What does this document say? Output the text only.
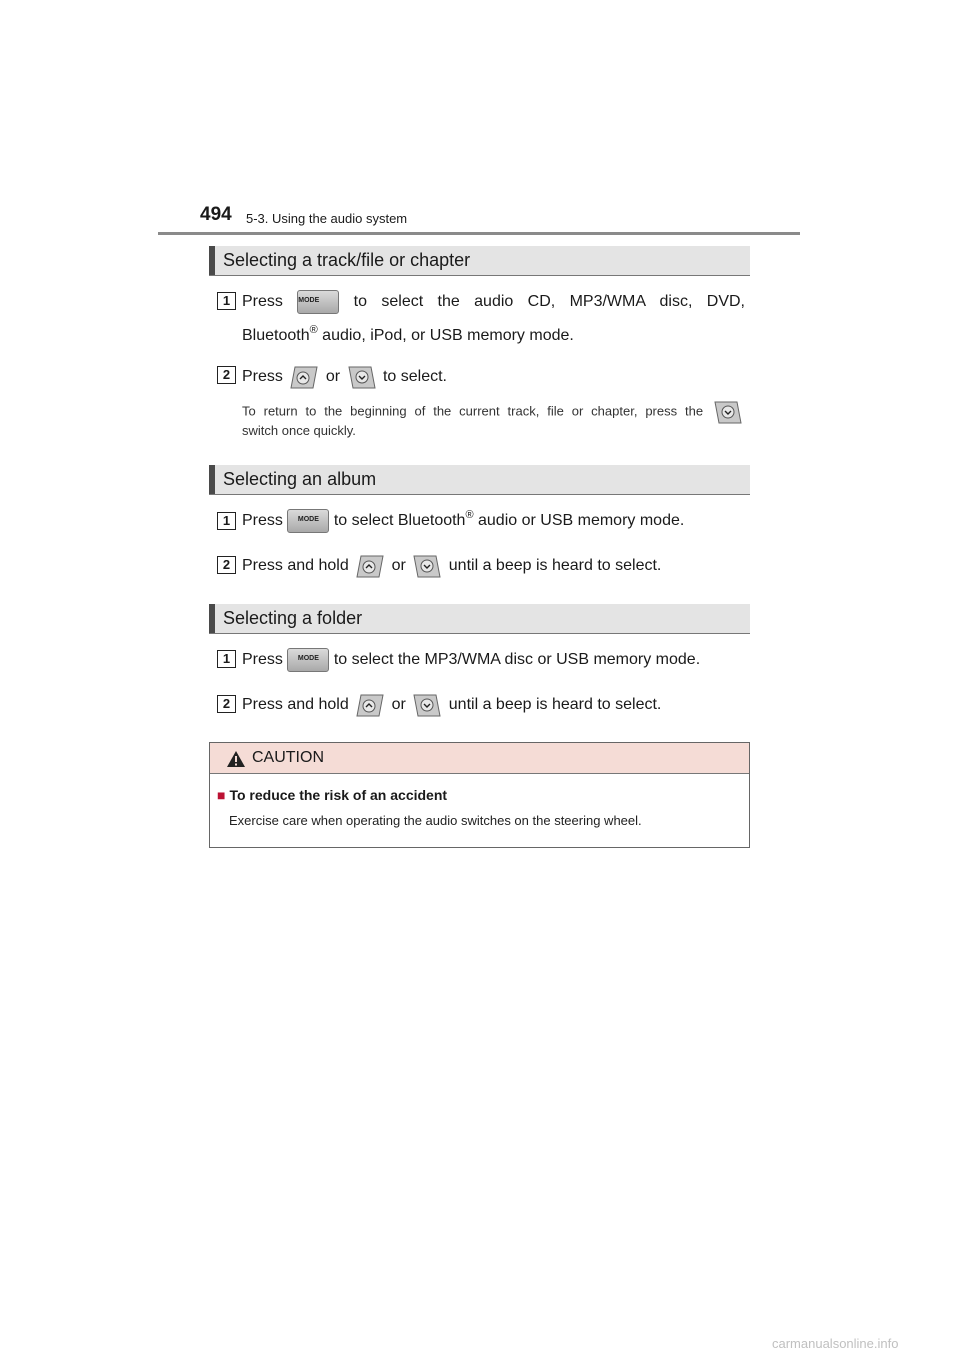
494 5-3. Using the audio system
Selecting a track/file or chapter
1 Press MODE	to select the audio CD, MP3/WMA disc, DVD,
Bluetooth® audio, iPod, or USB memory mode.
2 Press	or	to select.
To return to the beginning of the current track, file or chapter, press the
switch once quickly.
Selecting an album
1 Press	MODE to select Bluetooth® audio or USB memory mode.
2 Press and hold	or	until a beep is heard to select.
Selecting a folder
1 Press	MODE to select the MP3/WMA disc or USB memory mode.
2 Press and hold	or	until a beep is heard to select.
CAUTION
■ To reduce the risk of an accident
Exercise care when operating the audio switches on the steering wheel.
carmanualsonline.info
